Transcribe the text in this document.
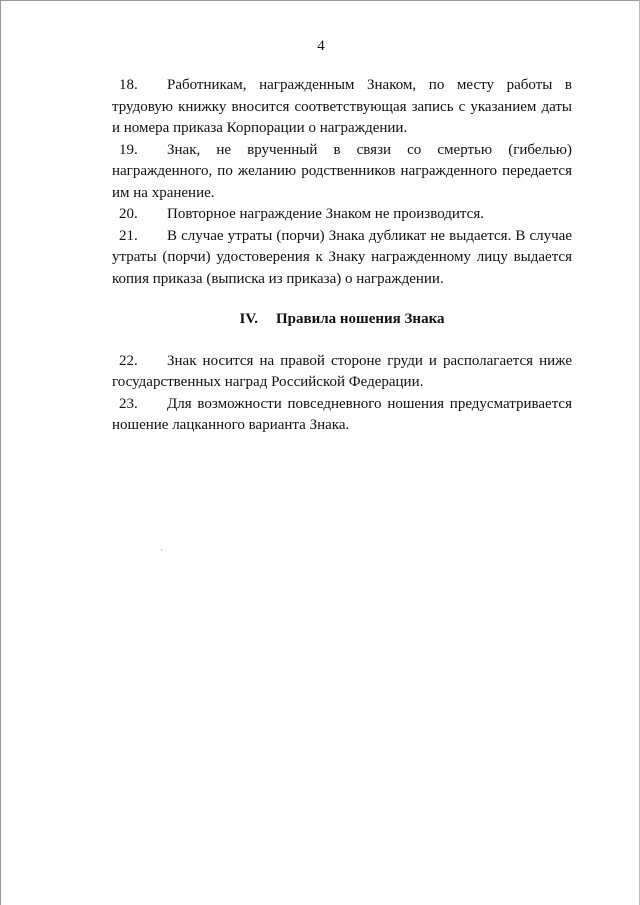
4

18. Работникам, награжденным Знаком, по месту работы в трудовую книжку вносится соответствующая запись с указанием даты и номера приказа Корпорации о награждении.

19. Знак, не врученный в связи со смертью (гибелью) награжденного, по желанию родственников награжденного передается им на хранение.

20. Повторное награждение Знаком не производится.

21. В случае утраты (порчи) Знака дубликат не выдается. В случае утраты (порчи) удостоверения к Знаку награжденному лицу выдается копия приказа (выписка из приказа) о награждении.

IV. Правила ношения Знака

22. Знак носится на правой стороне груди и располагается ниже государственных наград Российской Федерации.

23. Для возможности повседневного ношения предусматривается ношение лацканного варианта Знака.
